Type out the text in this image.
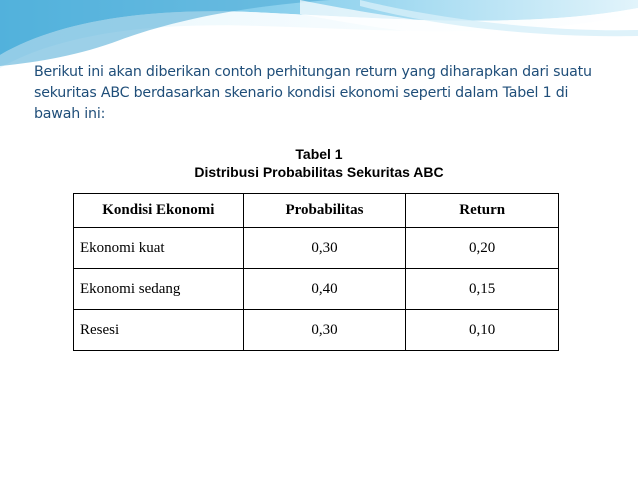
Berikut ini akan diberikan contoh perhitungan return yang diharapkan dari suatu sekuritas ABC berdasarkan skenario kondisi ekonomi seperti dalam Tabel 1 di bawah ini:

Tabel 1

Distribusi Probabilitas Sekuritas ABC

Kondisi Ekonomi	Probabilitas	Return
Ekonomi kuat	0,30	0,20
Ekonomi sedang	0,40	0,15
Resesi	0,30	0,10
